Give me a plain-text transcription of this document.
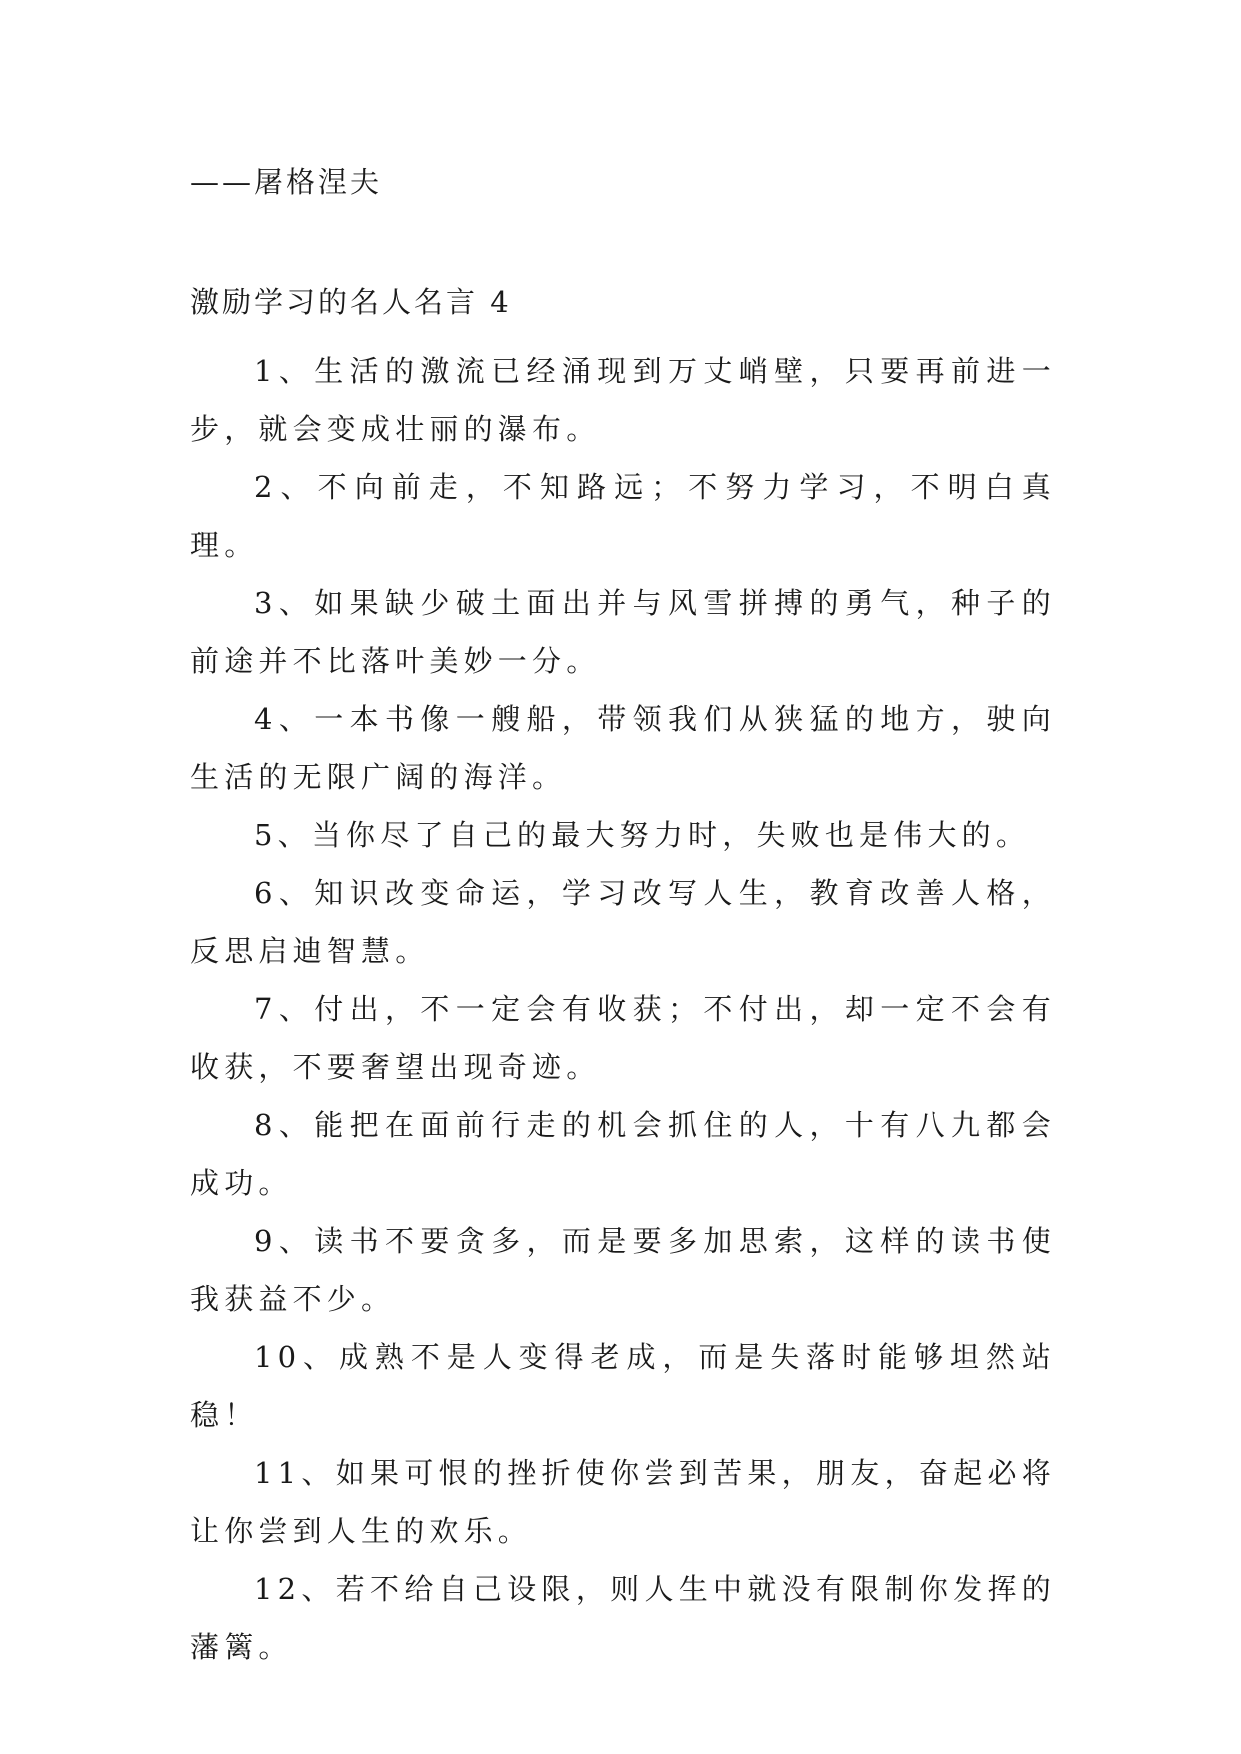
——屠格涅夫
激励学习的名人名言 4
1、生活的激流已经涌现到万丈峭壁，只要再前进一步，就会变成壮丽的瀑布。
2、不向前走，不知路远；不努力学习，不明白真理。
3、如果缺少破土面出并与风雪拼搏的勇气，种子的前途并不比落叶美妙一分。
4、一本书像一艘船，带领我们从狭猛的地方，驶向生活的无限广阔的海洋。
5、当你尽了自己的最大努力时，失败也是伟大的。
6、知识改变命运，学习改写人生，教育改善人格，反思启迪智慧。
7、付出，不一定会有收获；不付出，却一定不会有收获，不要奢望出现奇迹。
8、能把在面前行走的机会抓住的人，十有八九都会成功。
9、读书不要贪多，而是要多加思索，这样的读书使我获益不少。
10、成熟不是人变得老成，而是失落时能够坦然站稳！
11、如果可恨的挫折使你尝到苦果，朋友，奋起必将让你尝到人生的欢乐。
12、若不给自己设限，则人生中就没有限制你发挥的藩篱。
